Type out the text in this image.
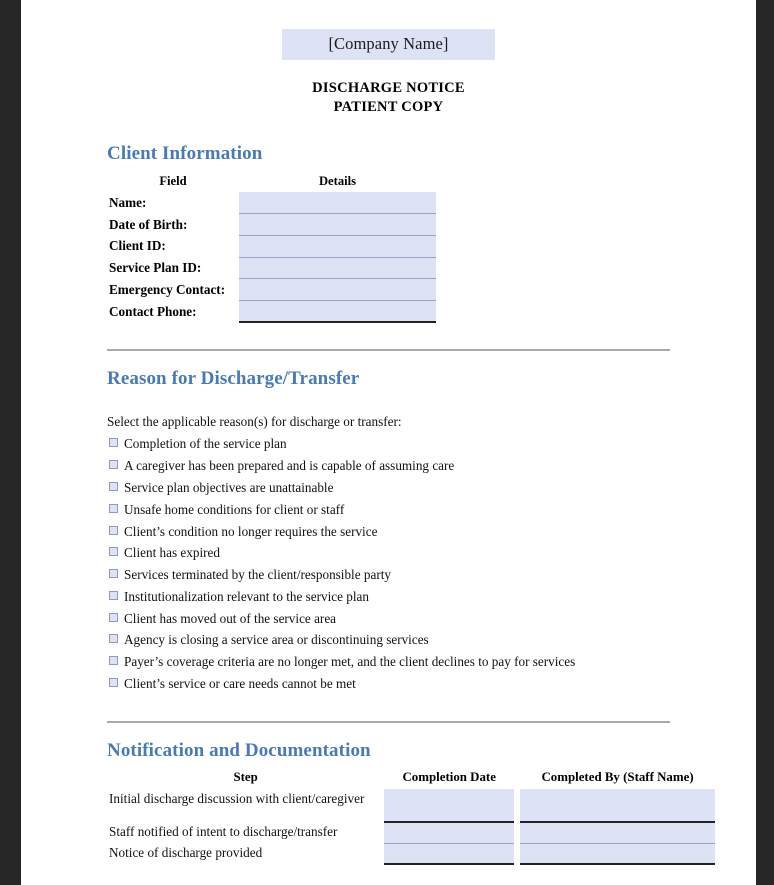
[Company Name]
DISCHARGE NOTICE
PATIENT COPY
Client Information
Field	Details
Name:	
Date of Birth:	
Client ID:	
Service Plan ID:	
Emergency Contact:	
Contact Phone:	
Reason for Discharge/Transfer
Select the applicable reason(s) for discharge or transfer:
Completion of the service plan
A caregiver has been prepared and is capable of assuming care
Service plan objectives are unattainable
Unsafe home conditions for client or staff
Client’s condition no longer requires the service
Client has expired
Services terminated by the client/responsible party
Institutionalization relevant to the service plan
Client has moved out of the service area
Agency is closing a service area or discontinuing services
Payer’s coverage criteria are no longer met, and the client declines to pay for services
Client’s service or care needs cannot be met
Notification and Documentation
Step	Completion Date		Completed By (Staff Name)
Initial discharge discussion with client/caregiver			
Staff notified of intent to discharge/transfer			
Notice of discharge provided			
